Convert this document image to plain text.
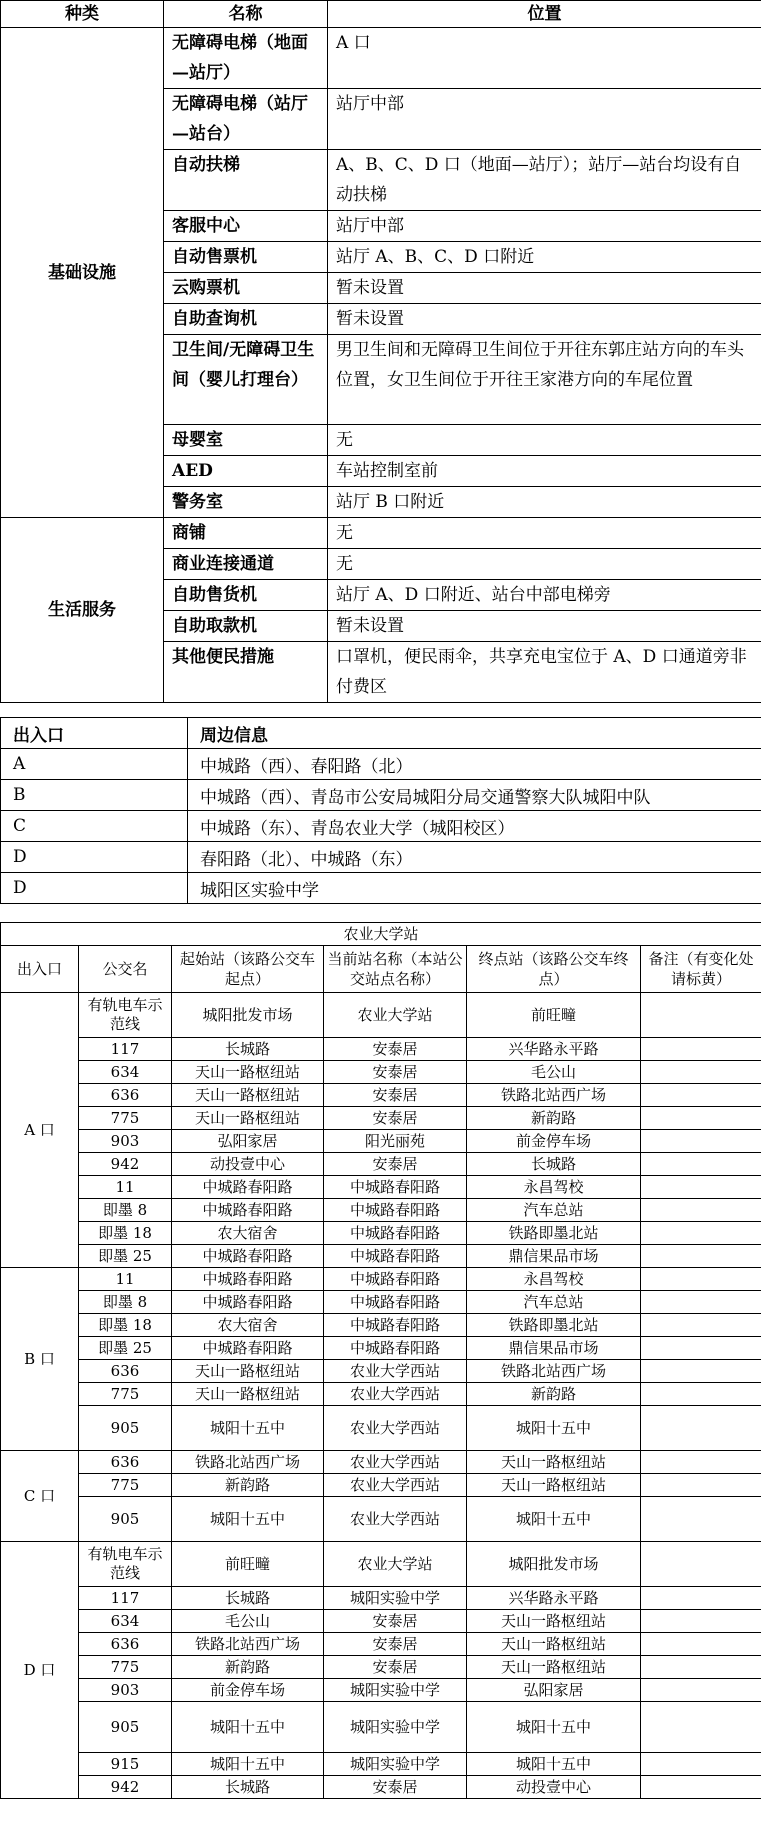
种类	名称	位置
基础设施	无障碍电梯（地面—站厅）	A 口
	无障碍电梯（站厅—站台）	站厅中部
	自动扶梯	A、B、C、D 口（地面—站厅）；站厅—站台均设有自动扶梯
	客服中心	站厅中部
	自动售票机	站厅 A、B、C、D 口附近
	云购票机	暂未设置
	自助查询机	暂未设置
	卫生间/无障碍卫生间（婴儿打理台）	男卫生间和无障碍卫生间位于开往东郭庄站方向的车头位置，女卫生间位于开往王家港方向的车尾位置
	母婴室	无
	AED	车站控制室前
	警务室	站厅 B 口附近
生活服务	商铺	无
	商业连接通道	无
	自助售货机	站厅 A、D 口附近、站台中部电梯旁
	自助取款机	暂未设置
	其他便民措施	口罩机，便民雨伞，共享充电宝位于 A、D 口通道旁非付费区
出入口	周边信息
A	中城路（西）、春阳路（北）
B	中城路（西）、青岛市公安局城阳分局交通警察大队城阳中队
C	中城路（东）、青岛农业大学（城阳校区）
D	春阳路（北）、中城路（东）
D	城阳区实验中学
农业大学站					
出入口	公交名	起始站（该路公交车起点）	当前站名称（本站公交站点名称）	终点站（该路公交车终点）	备注（有变化处请标黄）
A 口	有轨电车示范线	城阳批发市场	农业大学站	前旺疃	
	117	长城路	安泰居	兴华路永平路	
	634	天山一路枢纽站	安泰居	毛公山	
	636	天山一路枢纽站	安泰居	铁路北站西广场	
	775	天山一路枢纽站	安泰居	新韵路	
	903	弘阳家居	阳光丽苑	前金停车场	
	942	动投壹中心	安泰居	长城路	
	11	中城路春阳路	中城路春阳路	永昌驾校	
	即墨 8	中城路春阳路	中城路春阳路	汽车总站	
	即墨 18	农大宿舍	中城路春阳路	铁路即墨北站	
	即墨 25	中城路春阳路	中城路春阳路	鼎信果品市场	
B 口	11	中城路春阳路	中城路春阳路	永昌驾校	
	即墨 8	中城路春阳路	中城路春阳路	汽车总站	
	即墨 18	农大宿舍	中城路春阳路	铁路即墨北站	
	即墨 25	中城路春阳路	中城路春阳路	鼎信果品市场	
	636	天山一路枢纽站	农业大学西站	铁路北站西广场	
	775	天山一路枢纽站	农业大学西站	新韵路	
	905	城阳十五中	农业大学西站	城阳十五中	
C 口	636	铁路北站西广场	农业大学西站	天山一路枢纽站	
	775	新韵路	农业大学西站	天山一路枢纽站	
	905	城阳十五中	农业大学西站	城阳十五中	
D 口	有轨电车示范线	前旺疃	农业大学站	城阳批发市场	
	117	长城路	城阳实验中学	兴华路永平路	
	634	毛公山	安泰居	天山一路枢纽站	
	636	铁路北站西广场	安泰居	天山一路枢纽站	
	775	新韵路	安泰居	天山一路枢纽站	
	903	前金停车场	城阳实验中学	弘阳家居	
	905	城阳十五中	城阳实验中学	城阳十五中	
	915	城阳十五中	城阳实验中学	城阳十五中	
	942	长城路	安泰居	动投壹中心	
